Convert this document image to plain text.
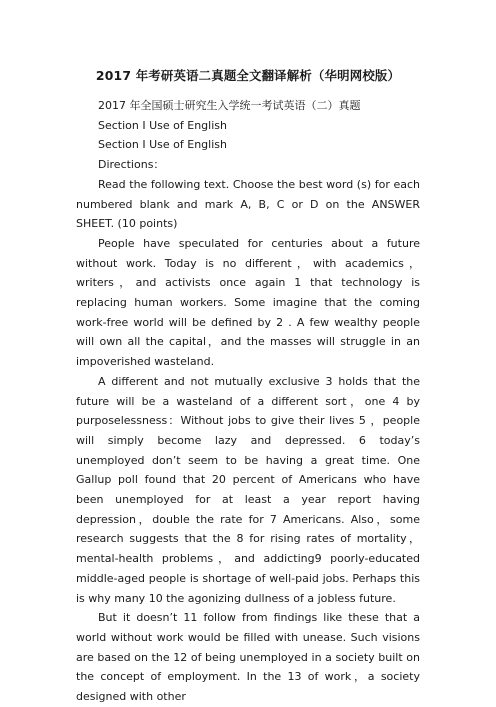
2017 年考研英语二真题全文翻译解析（华明网校版）
2017 年全国硕士研究生入学统一考试英语（二）真题
Section I Use of English
Section I Use of English
Directions：

Read the following text. Choose the best word (s) for each numbered blank and mark A, B, C or D on the ANSWER SHEET. (10 points)

People have speculated for centuries about a future without work. Today is no different，with academics，writers，and activists once again 1 that technology is replacing human workers. Some imagine that the coming work-free world will be defined by 2 . A few wealthy people will own all the capital，and the masses will struggle in an impoverished wasteland.

A different and not mutually exclusive 3 holds that the future will be a wasteland of a different sort，one 4 by purposelessness：Without jobs to give their lives 5 ，people will simply become lazy and depressed. 6 today’s unemployed don’t seem to be having a great time. One Gallup poll found that 20 percent of Americans who have been unemployed for at least a year report having depression，double the rate for 7 Americans. Also，some research suggests that the 8 for rising rates of mortality，mental-health problems，and addicting9 poorly-educated middle-aged people is shortage of well-paid jobs. Perhaps this is why many 10 the agonizing dullness of a jobless future.

But it doesn’t 11 follow from findings like these that a world without work would be filled with unease. Such visions are based on the 12 of being unemployed in a society built on the concept of employment. In the 13 of work，a society designed with other
